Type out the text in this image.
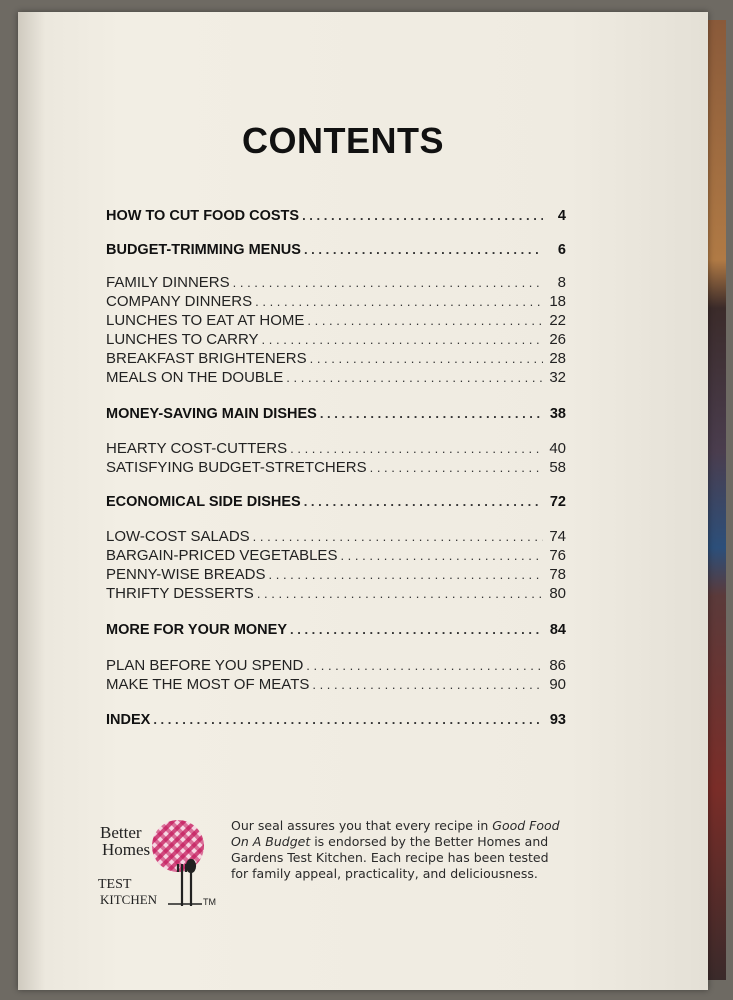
CONTENTS
HOW TO CUT FOOD COSTS . . .	4
BUDGET-TRIMMING MENUS . . .	6
FAMILY DINNERS . . .	8
COMPANY DINNERS . . .	18
LUNCHES TO EAT AT HOME . . .	22
LUNCHES TO CARRY . . .	26
BREAKFAST BRIGHTENERS . . .	28
MEALS ON THE DOUBLE . . .	32
MONEY-SAVING MAIN DISHES . . .	38
HEARTY COST-CUTTERS . . .	40
SATISFYING BUDGET-STRETCHERS . . .	58
ECONOMICAL SIDE DISHES . . .	72
LOW-COST SALADS . . .	74
BARGAIN-PRICED VEGETABLES . . .	76
PENNY-WISE BREADS . . .	78
THRIFTY DESSERTS . . .	80
MORE FOR YOUR MONEY . . .	84
PLAN BEFORE YOU SPEND . . .	86
MAKE THE MOST OF MEATS . . .	90
INDEX . . .	93
Better
Homes
TEST
KITCHEN	TM
Our seal assures you that every recipe in Good Food On A Budget is endorsed by the Better Homes and Gardens Test Kitchen. Each recipe has been tested for family appeal, practicality, and deliciousness.
